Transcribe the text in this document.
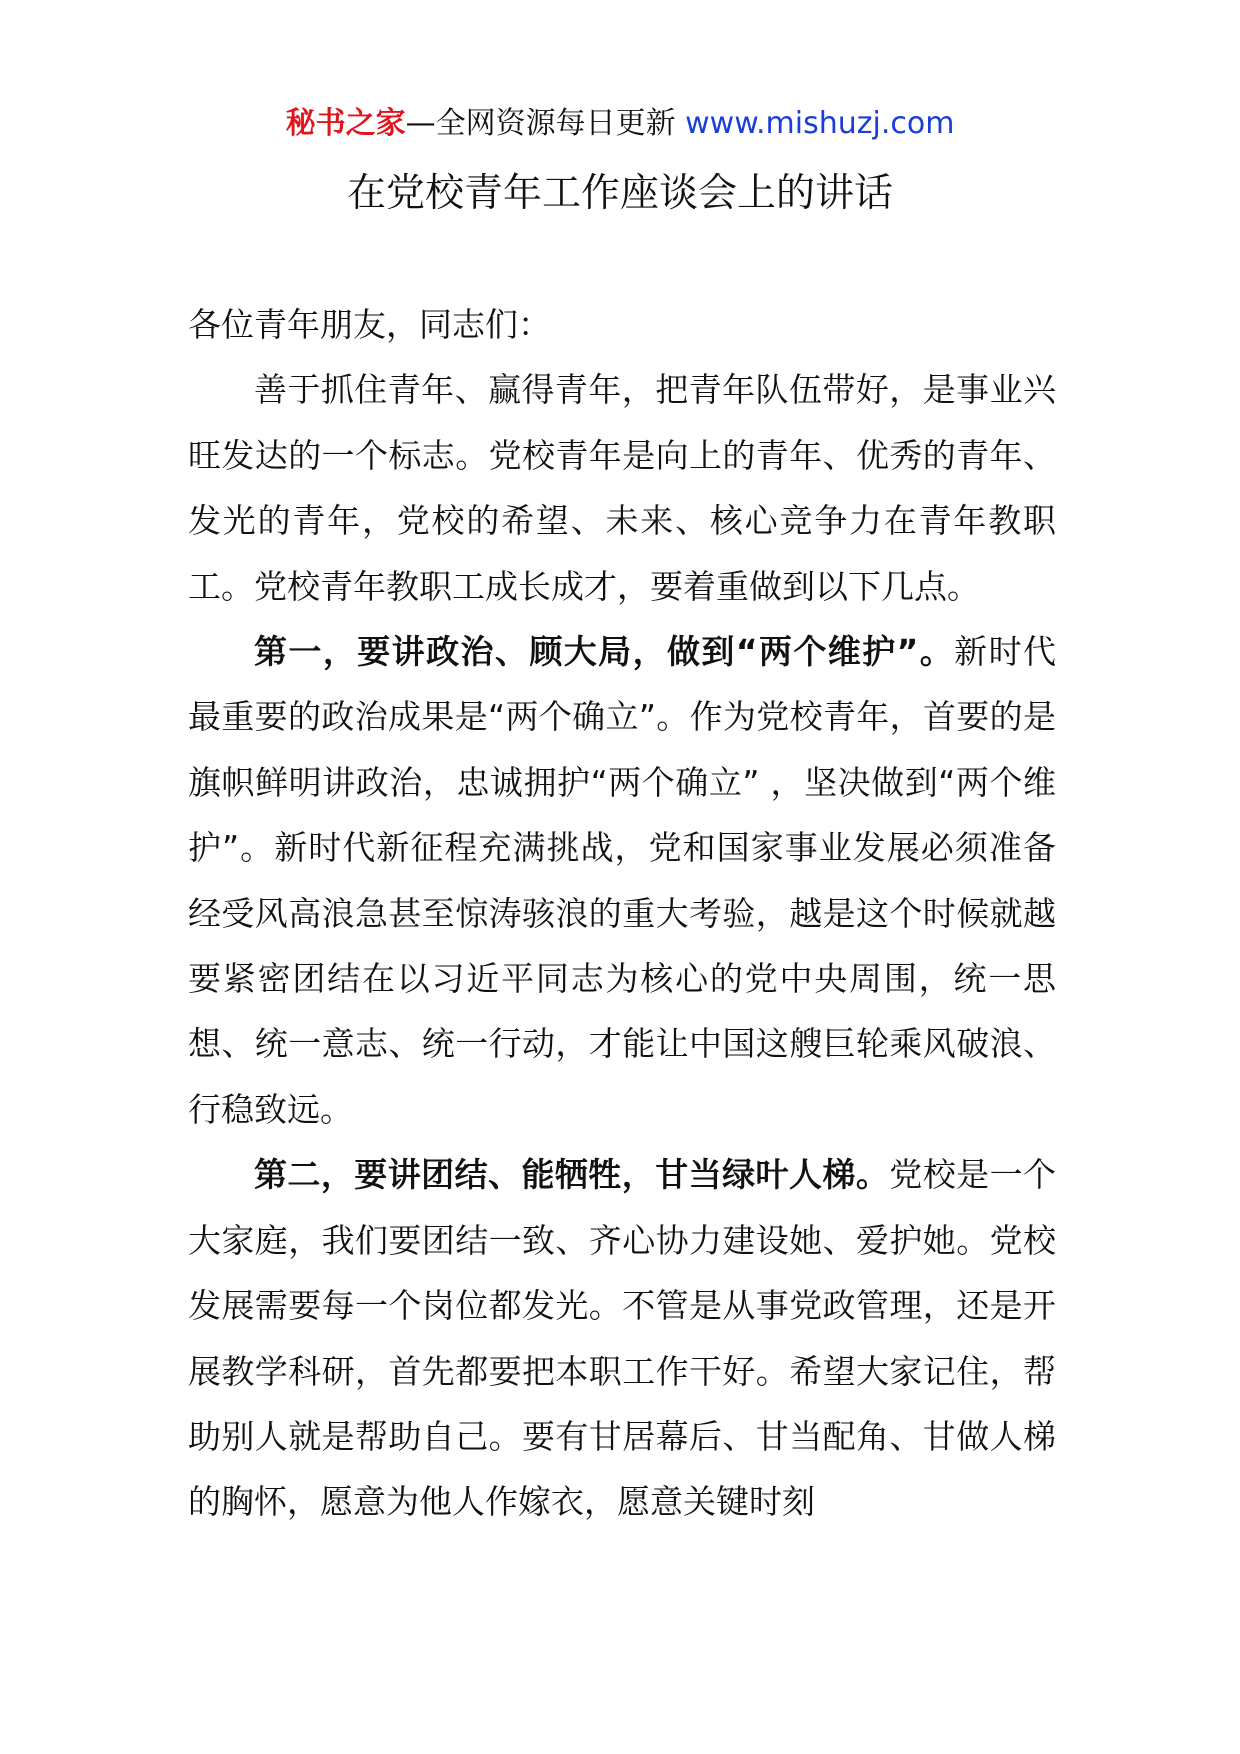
秘书之家—全网资源每日更新 www.mishuzj.com
在党校青年工作座谈会上的讲话

各位青年朋友，同志们：

善于抓住青年、赢得青年，把青年队伍带好，是事业兴旺发达的一个标志。党校青年是向上的青年、优秀的青年、发光的青年，党校的希望、未来、核心竞争力在青年教职工。党校青年教职工成长成才，要着重做到以下几点。

第一，要讲政治、顾大局，做到“两个维护”。新时代最重要的政治成果是“两个确立”。作为党校青年，首要的是旗帜鲜明讲政治，忠诚拥护“两个确立” ，坚决做到“两个维护”。新时代新征程充满挑战，党和国家事业发展必须准备经受风高浪急甚至惊涛骇浪的重大考验，越是这个时候就越要紧密团结在以习近平同志为核心的党中央周围，统一思想、统一意志、统一行动，才能让中国这艘巨轮乘风破浪、行稳致远。

第二，要讲团结、能牺牲，甘当绿叶人梯。党校是一个大家庭，我们要团结一致、齐心协力建设她、爱护她。党校发展需要每一个岗位都发光。不管是从事党政管理，还是开展教学科研，首先都要把本职工作干好。希望大家记住，帮助别人就是帮助自己。要有甘居幕后、甘当配角、甘做人梯的胸怀，愿意为他人作嫁衣，愿意关键时刻
